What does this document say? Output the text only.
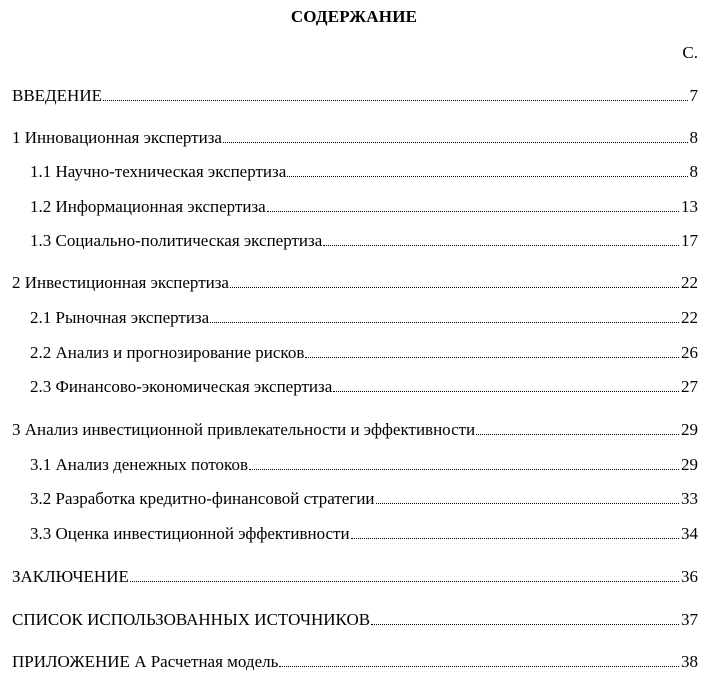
СОДЕРЖАНИЕ
С.
ВВЕДЕНИЕ	7
1 Инновационная экспертиза	8
1.1 Научно-техническая экспертиза	8
1.2 Информационная экспертиза	13
1.3 Социально-политическая экспертиза	17
2 Инвестиционная экспертиза	22
2.1 Рыночная экспертиза	22
2.2 Анализ и прогнозирование рисков	26
2.3 Финансово-экономическая экспертиза	27
3 Анализ инвестиционной привлекательности и эффективности	29
3.1 Анализ денежных потоков	29
3.2 Разработка кредитно-финансовой стратегии	33
3.3 Оценка инвестиционной эффективности	34
ЗАКЛЮЧЕНИЕ	36
СПИСОК ИСПОЛЬЗОВАННЫХ ИСТОЧНИКОВ	37
ПРИЛОЖЕНИЕ А Расчетная модель	38
